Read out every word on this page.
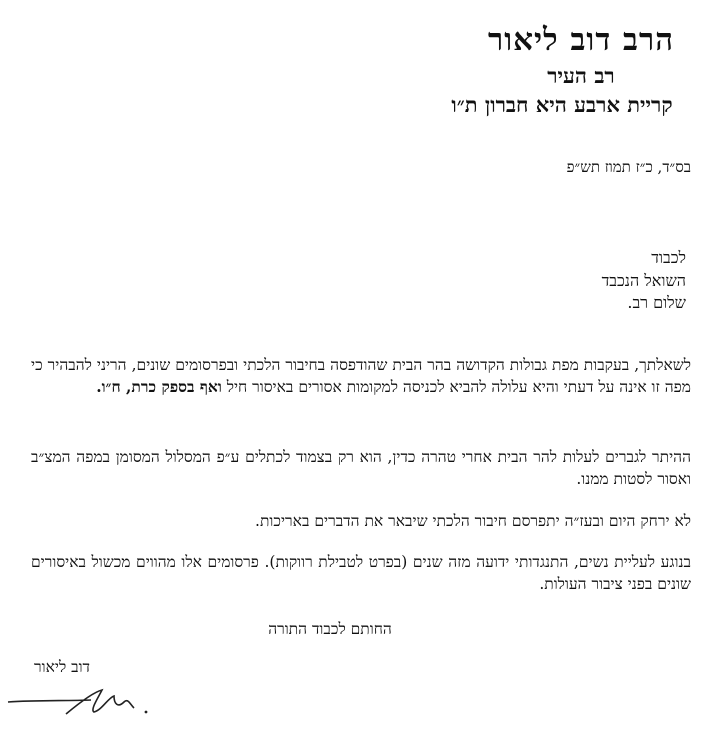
הרב דוב ליאור
רב העיר
קריית ארבע היא חברון ת״ו
בס״ד, כ״ז תמוז תש״פ
לכבוד
השואל הנכבד
שלום רב.
לשאלתך, בעקבות מפת גבולות הקדושה בהר הבית שהודפסה בחיבור הלכתי ובפרסומים שונים, הריני להבהיר כי מפה זו אינה על דעתי והיא עלולה להביא לכניסה למקומות אסורים באיסור חיל ואף בספק כרת, ח״ו.
ההיתר לגברים לעלות להר הבית אחרי טהרה כדין, הוא רק בצמוד לכתלים ע״פ המסלול המסומן במפה המצ״ב ואסור לסטות ממנו.
לא ירחק היום ובעז״ה יתפרסם חיבור הלכתי שיבאר את הדברים באריכות.
בנוגע לעליית נשים, התנגדותי ידועה מזה שנים (בפרט לטבילת רווקות). פרסומים אלו מהווים מכשול באיסורים שונים בפני ציבור העולות.
החותם לכבוד התורה
דוב ליאור
